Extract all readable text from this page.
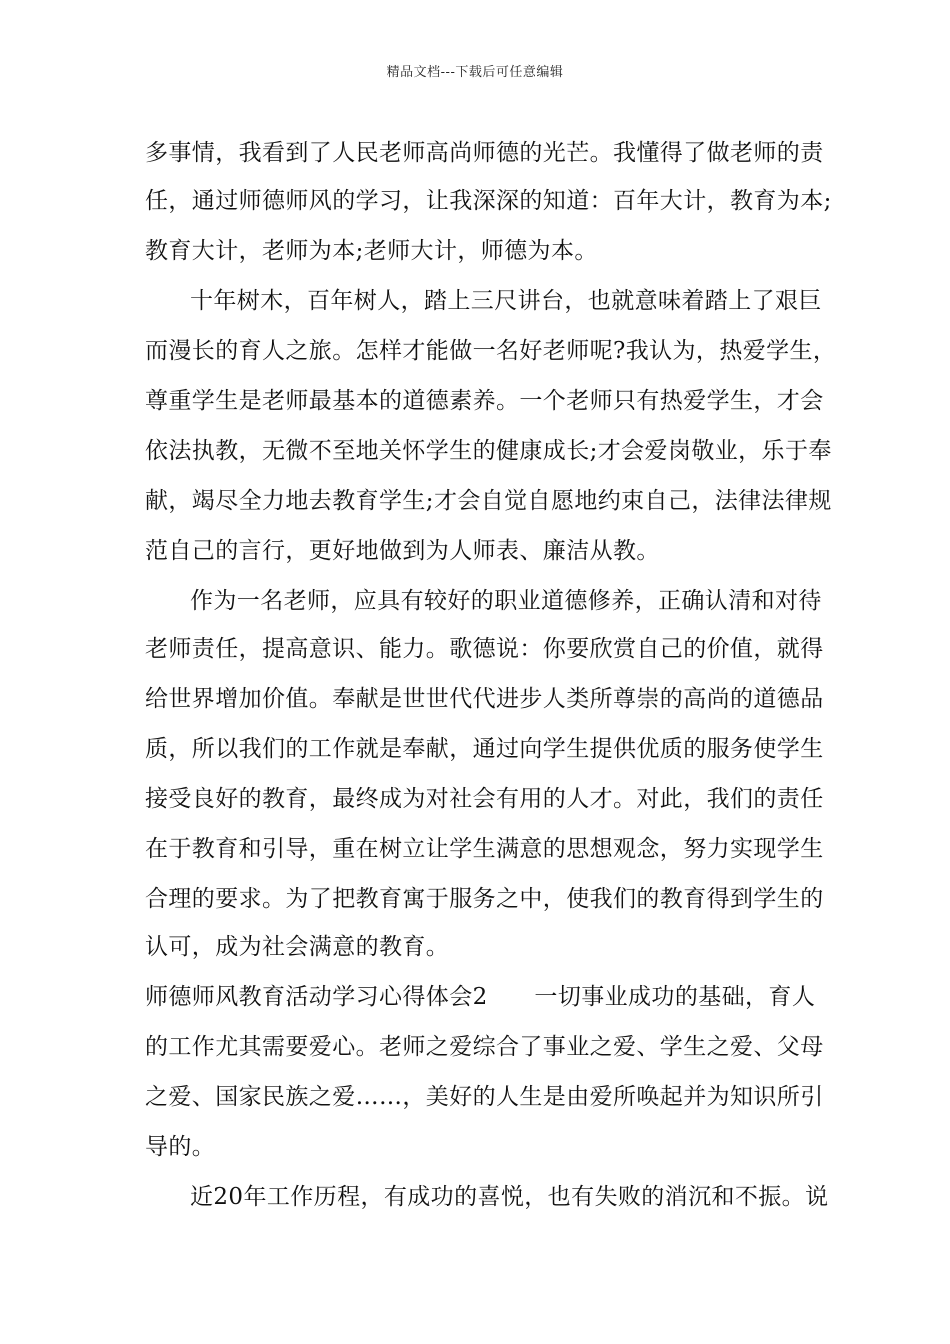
精品文档---下载后可任意编辑
多事情，我看到了人民老师高尚师德的光芒。我懂得了做老师的责
任，通过师德师风的学习，让我深深的知道：百年大计，教育为本;
教育大计，老师为本;老师大计，师德为本。
十年树木，百年树人，踏上三尺讲台，也就意味着踏上了艰巨
而漫长的育人之旅。怎样才能做一名好老师呢?我认为，热爱学生，
尊重学生是老师最基本的道德素养。一个老师只有热爱学生，才会
依法执教，无微不至地关怀学生的健康成长;才会爱岗敬业，乐于奉
献，竭尽全力地去教育学生;才会自觉自愿地约束自己，法律法律规
范自己的言行，更好地做到为人师表、廉洁从教。
作为一名老师，应具有较好的职业道德修养，正确认清和对待
老师责任，提高意识、能力。歌德说：你要欣赏自己的价值，就得
给世界增加价值。奉献是世世代代进步人类所尊崇的高尚的道德品
质，所以我们的工作就是奉献，通过向学生提供优质的服务使学生
接受良好的教育，最终成为对社会有用的人才。对此，我们的责任
在于教育和引导，重在树立让学生满意的思想观念，努力实现学生
合理的要求。为了把教育寓于服务之中，使我们的教育得到学生的
认可，成为社会满意的教育。
师德师风教育活动学习心得体会2　　一切事业成功的基础，育人
的工作尤其需要爱心。老师之爱综合了事业之爱、学生之爱、父母
之爱、国家民族之爱……，美好的人生是由爱所唤起并为知识所引
导的。
近20年工作历程，有成功的喜悦，也有失败的消沉和不振。说
